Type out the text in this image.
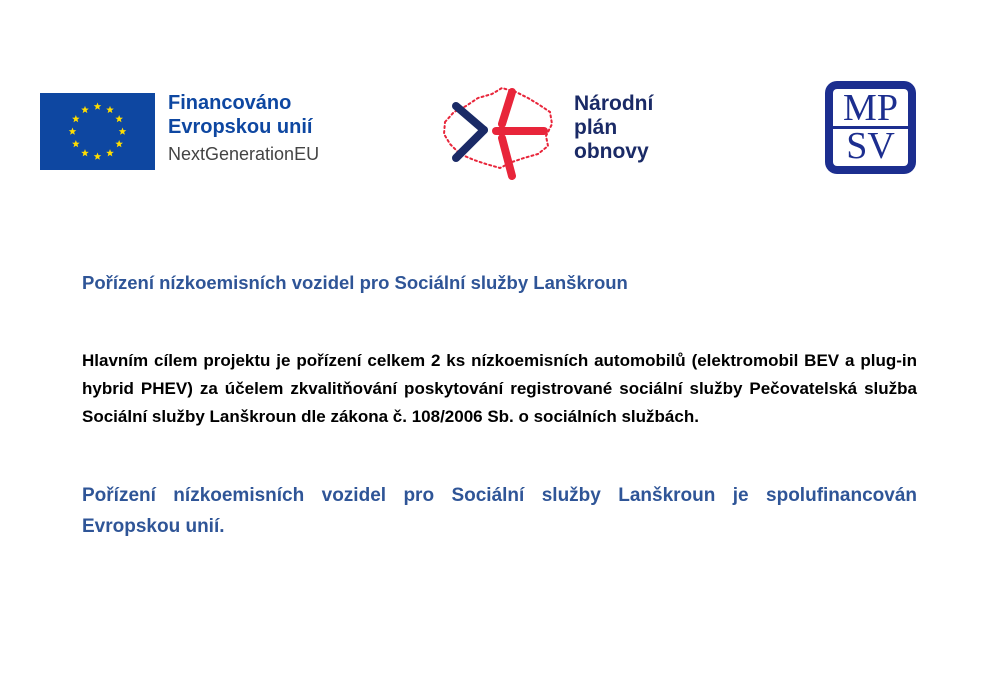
Financováno
Evropskou unií
NextGenerationEU
Národní
plán
obnovy
M P
S V
Pořízení nízkoemisních vozidel pro Sociální služby Lanškroun

Hlavním cílem projektu je pořízení celkem 2 ks nízkoemisních automobilů (elektromobil BEV a plug-in hybrid PHEV) za účelem zkvalitňování poskytování registrované sociální služby Pečovatelská služba Sociální služby Lanškroun dle zákona č. 108/2006 Sb. o sociálních službách.

Pořízení nízkoemisních vozidel pro Sociální služby Lanškroun je spolufinancován Evropskou unií.
